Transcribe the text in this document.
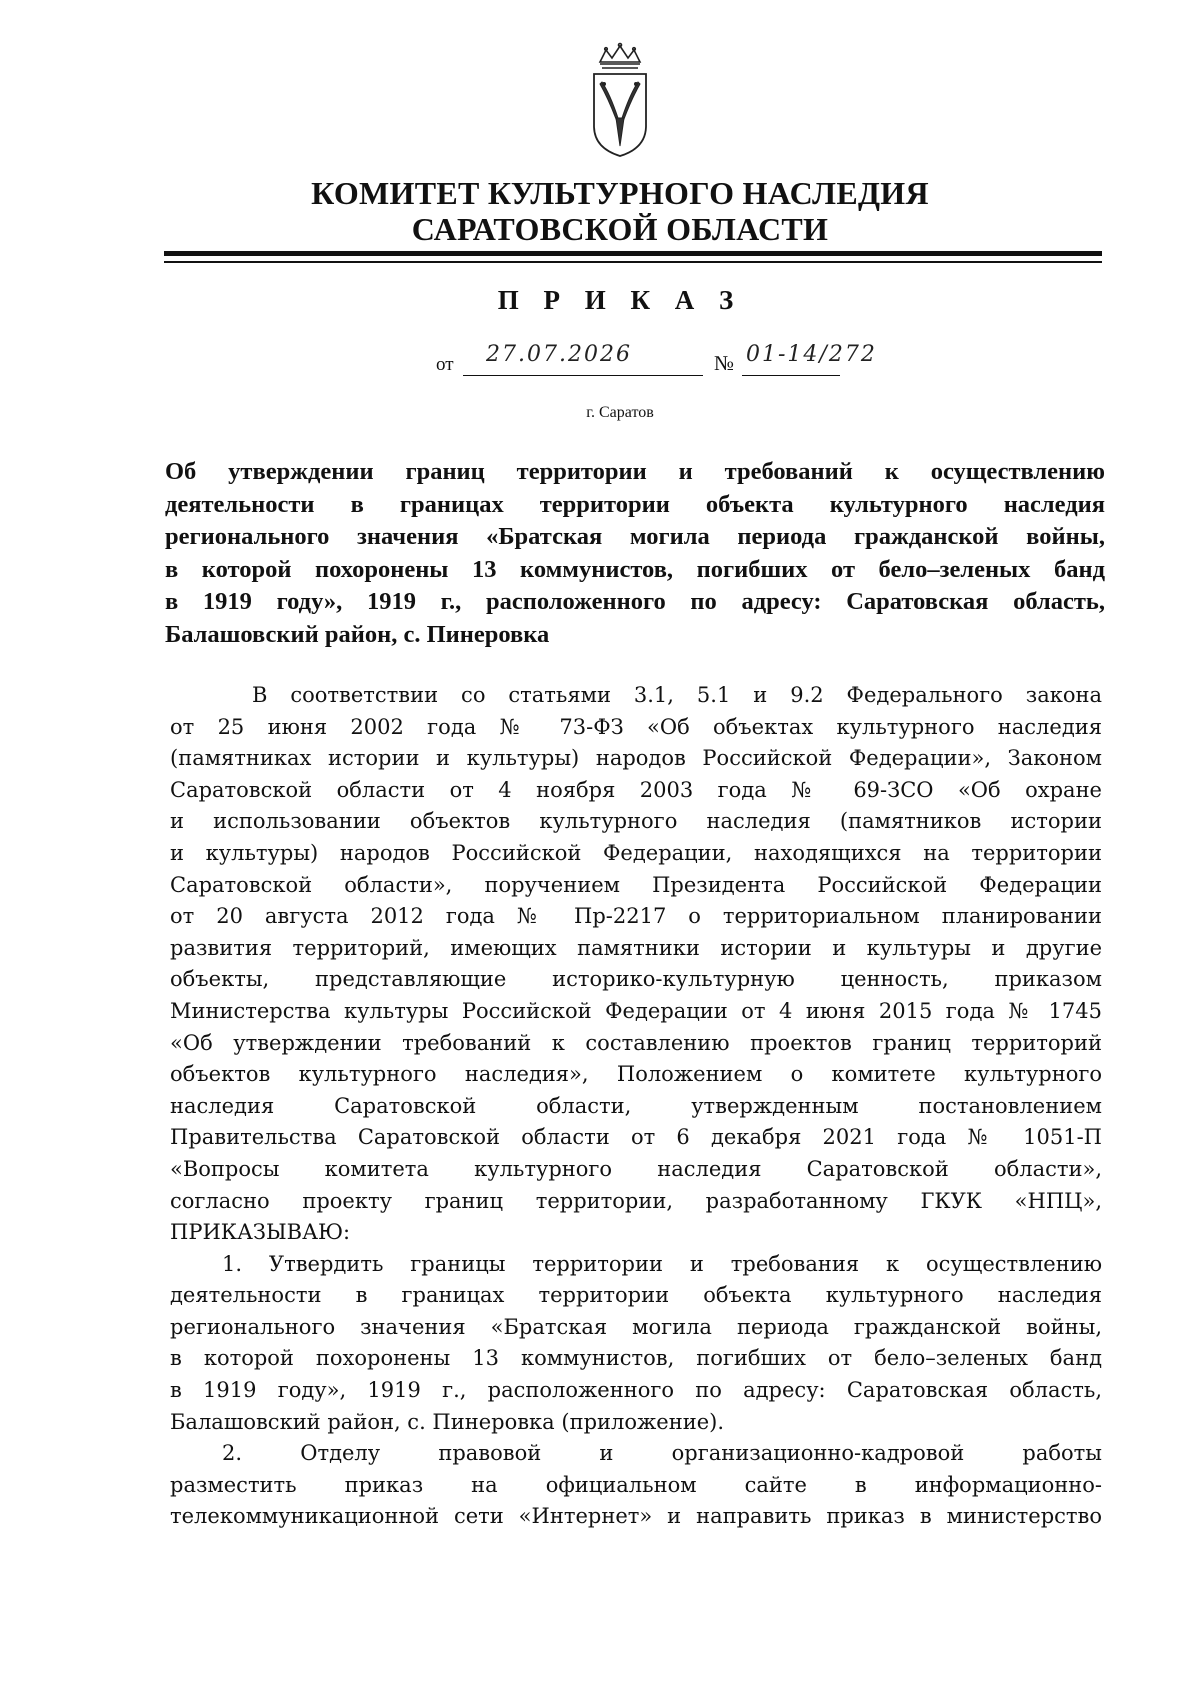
КОМИТЕТ КУЛЬТУРНОГО НАСЛЕДИЯ
САРАТОВСКОЙ ОБЛАСТИ
П Р И К А З
от 27.07.2026	№ 01-14/272
г. Саратов
Об утверждении границ территории и требований к осуществлению
деятельности в границах территории объекта культурного наследия
регионального значения «Братская могила периода гражданской войны,
в которой похоронены 13 коммунистов, погибших от бело–зеленых банд
в 1919 году», 1919 г., расположенного по адресу: Саратовская область,
Балашовский район, с. Пинеровка
В соответствии со статьями 3.1, 5.1 и 9.2 Федерального закона
от 25 июня 2002 года № 73-ФЗ «Об объектах культурного наследия
(памятниках истории и культуры) народов Российской Федерации», Законом
Саратовской области от 4 ноября 2003 года № 69-ЗСО «Об охране
и использовании объектов культурного наследия (памятников истории
и культуры) народов Российской Федерации, находящихся на территории
Саратовской области», поручением Президента Российской Федерации
от 20 августа 2012 года № Пр-2217 о территориальном планировании
развития территорий, имеющих памятники истории и культуры и другие
объекты, представляющие историко-культурную ценность, приказом
Министерства культуры Российской Федерации от 4 июня 2015 года № 1745
«Об утверждении требований к составлению проектов границ территорий
объектов культурного наследия», Положением о комитете культурного
наследия Саратовской области, утвержденным постановлением
Правительства Саратовской области от 6 декабря 2021 года № 1051-П
«Вопросы комитета культурного наследия Саратовской области»,
согласно проекту границ территории, разработанному ГКУК «НПЦ»,
ПРИКАЗЫВАЮ:
1. Утвердить границы территории и требования к осуществлению
деятельности в границах территории объекта культурного наследия
регионального значения «Братская могила периода гражданской войны,
в которой похоронены 13 коммунистов, погибших от бело–зеленых банд
в 1919 году», 1919 г., расположенного по адресу: Саратовская область,
Балашовский район, с. Пинеровка (приложение).
2. Отделу правовой и организационно-кадровой работы
разместить приказ на официальном сайте в информационно-
телекоммуникационной сети «Интернет» и направить приказ в министерство
